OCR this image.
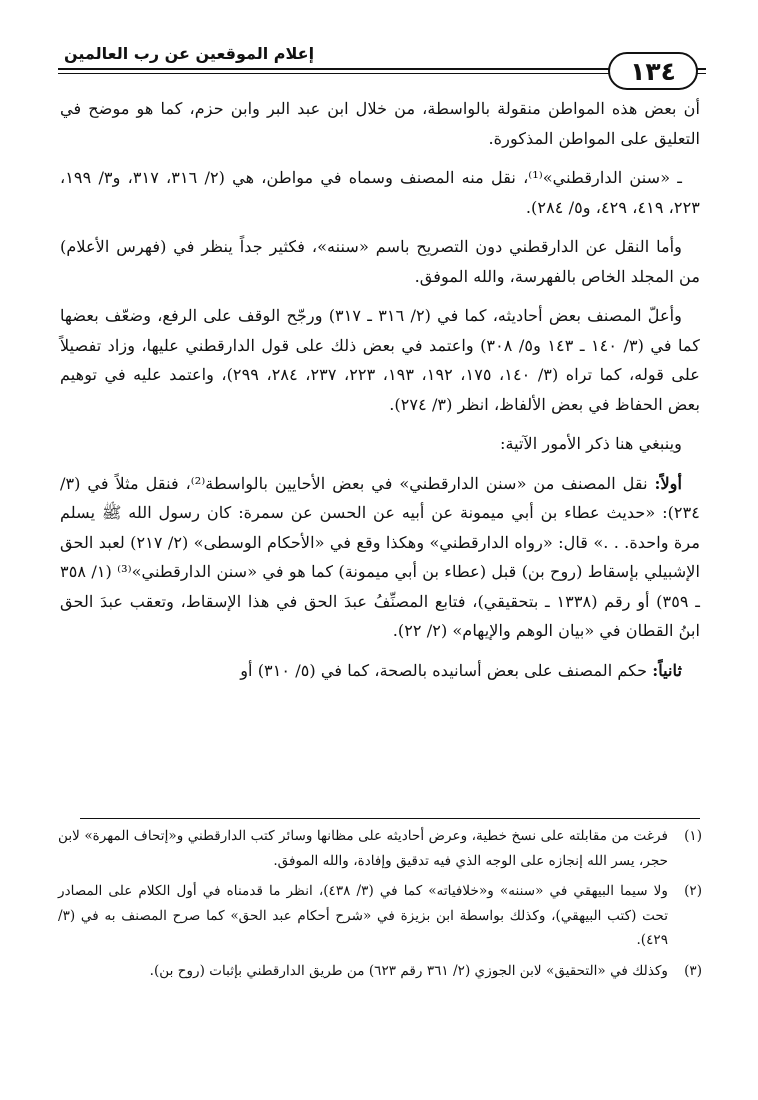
١٣٤
إعلام الموقعين عن رب العالمين

أن بعض هذه المواطن منقولة بالواسطة، من خلال ابن عبد البر وابن حزم، كما هو موضح في التعليق على المواطن المذكورة.

ـ «سنن الدارقطني»⁽¹⁾، نقل منه المصنف وسماه في مواطن، هي (٢/ ٣١٦، ٣١٧، و٣/ ١٩٩، ٢٢٣، ٤١٩، ٤٢٩، و٥/ ٢٨٤).

وأما النقل عن الدارقطني دون التصريح باسم «سننه»، فكثير جداً ينظر في (فهرس الأعلام) من المجلد الخاص بالفهرسة، والله الموفق.

وأعلّ المصنف بعض أحاديثه، كما في (٢/ ٣١٦ ـ ٣١٧) ورجّح الوقف على الرفع، وضعّف بعضها كما في (٣/ ١٤٠ ـ ١٤٣ و٥/ ٣٠٨) واعتمد في بعض ذلك على قول الدارقطني عليها، وزاد تفصيلاً على قوله، كما تراه (٣/ ١٤٠، ١٧٥، ١٩٢، ١٩٣، ٢٢٣، ٢٣٧، ٢٨٤، ٢٩٩)، واعتمد عليه في توهيم بعض الحفاظ في بعض الألفاظ، انظر (٣/ ٢٧٤).

وينبغي هنا ذكر الأمور الآتية:

أولاً: نقل المصنف من «سنن الدارقطني» في بعض الأحايين بالواسطة⁽²⁾، فنقل مثلاً في (٣/ ٢٣٤): «حديث عطاء بن أبي ميمونة عن أبيه عن الحسن عن سمرة: كان رسول الله ﷺ يسلم مرة واحدة. . .» قال: «رواه الدارقطني» وهكذا وقع في «الأحكام الوسطى» (٢/ ٢١٧) لعبد الحق الإشبيلي بإسقاط (روح بن) قبل (عطاء بن أبي ميمونة) كما هو في «سنن الدارقطني»⁽³⁾ (١/ ٣٥٨ ـ ٣٥٩) أو رقم (١٣٣٨ ـ بتحقيقي)، فتابع المصنِّفُ عبدَ الحق في هذا الإسقاط، وتعقب عبدَ الحق ابنُ القطان في «بيان الوهم والإيهام» (٢/ ٢٢).

ثانياً: حكم المصنف على بعض أسانيده بالصحة، كما في (٥/ ٣١٠) أو

(١)
فرغت من مقابلته على نسخ خطية، وعرض أحاديثه على مظانها وسائر كتب الدارقطني و«إتحاف المهرة» لابن حجر، يسر الله إنجازه على الوجه الذي فيه تدقيق وإفادة، والله الموفق.
(٢)
ولا سيما البيهقي في «سننه» و«خلافياته» كما في (٣/ ٤٣٨)، انظر ما قدمناه في أول الكلام على المصادر تحت (كتب البيهقي)، وكذلك بواسطة ابن بزيزة في «شرح أحكام عبد الحق» كما صرح المصنف به في (٣/ ٤٢٩).
(٣)
وكذلك في «التحقيق» لابن الجوزي (٢/ ٣٦١ رقم ٦٢٣) من طريق الدارقطني بإثبات (روح بن).
